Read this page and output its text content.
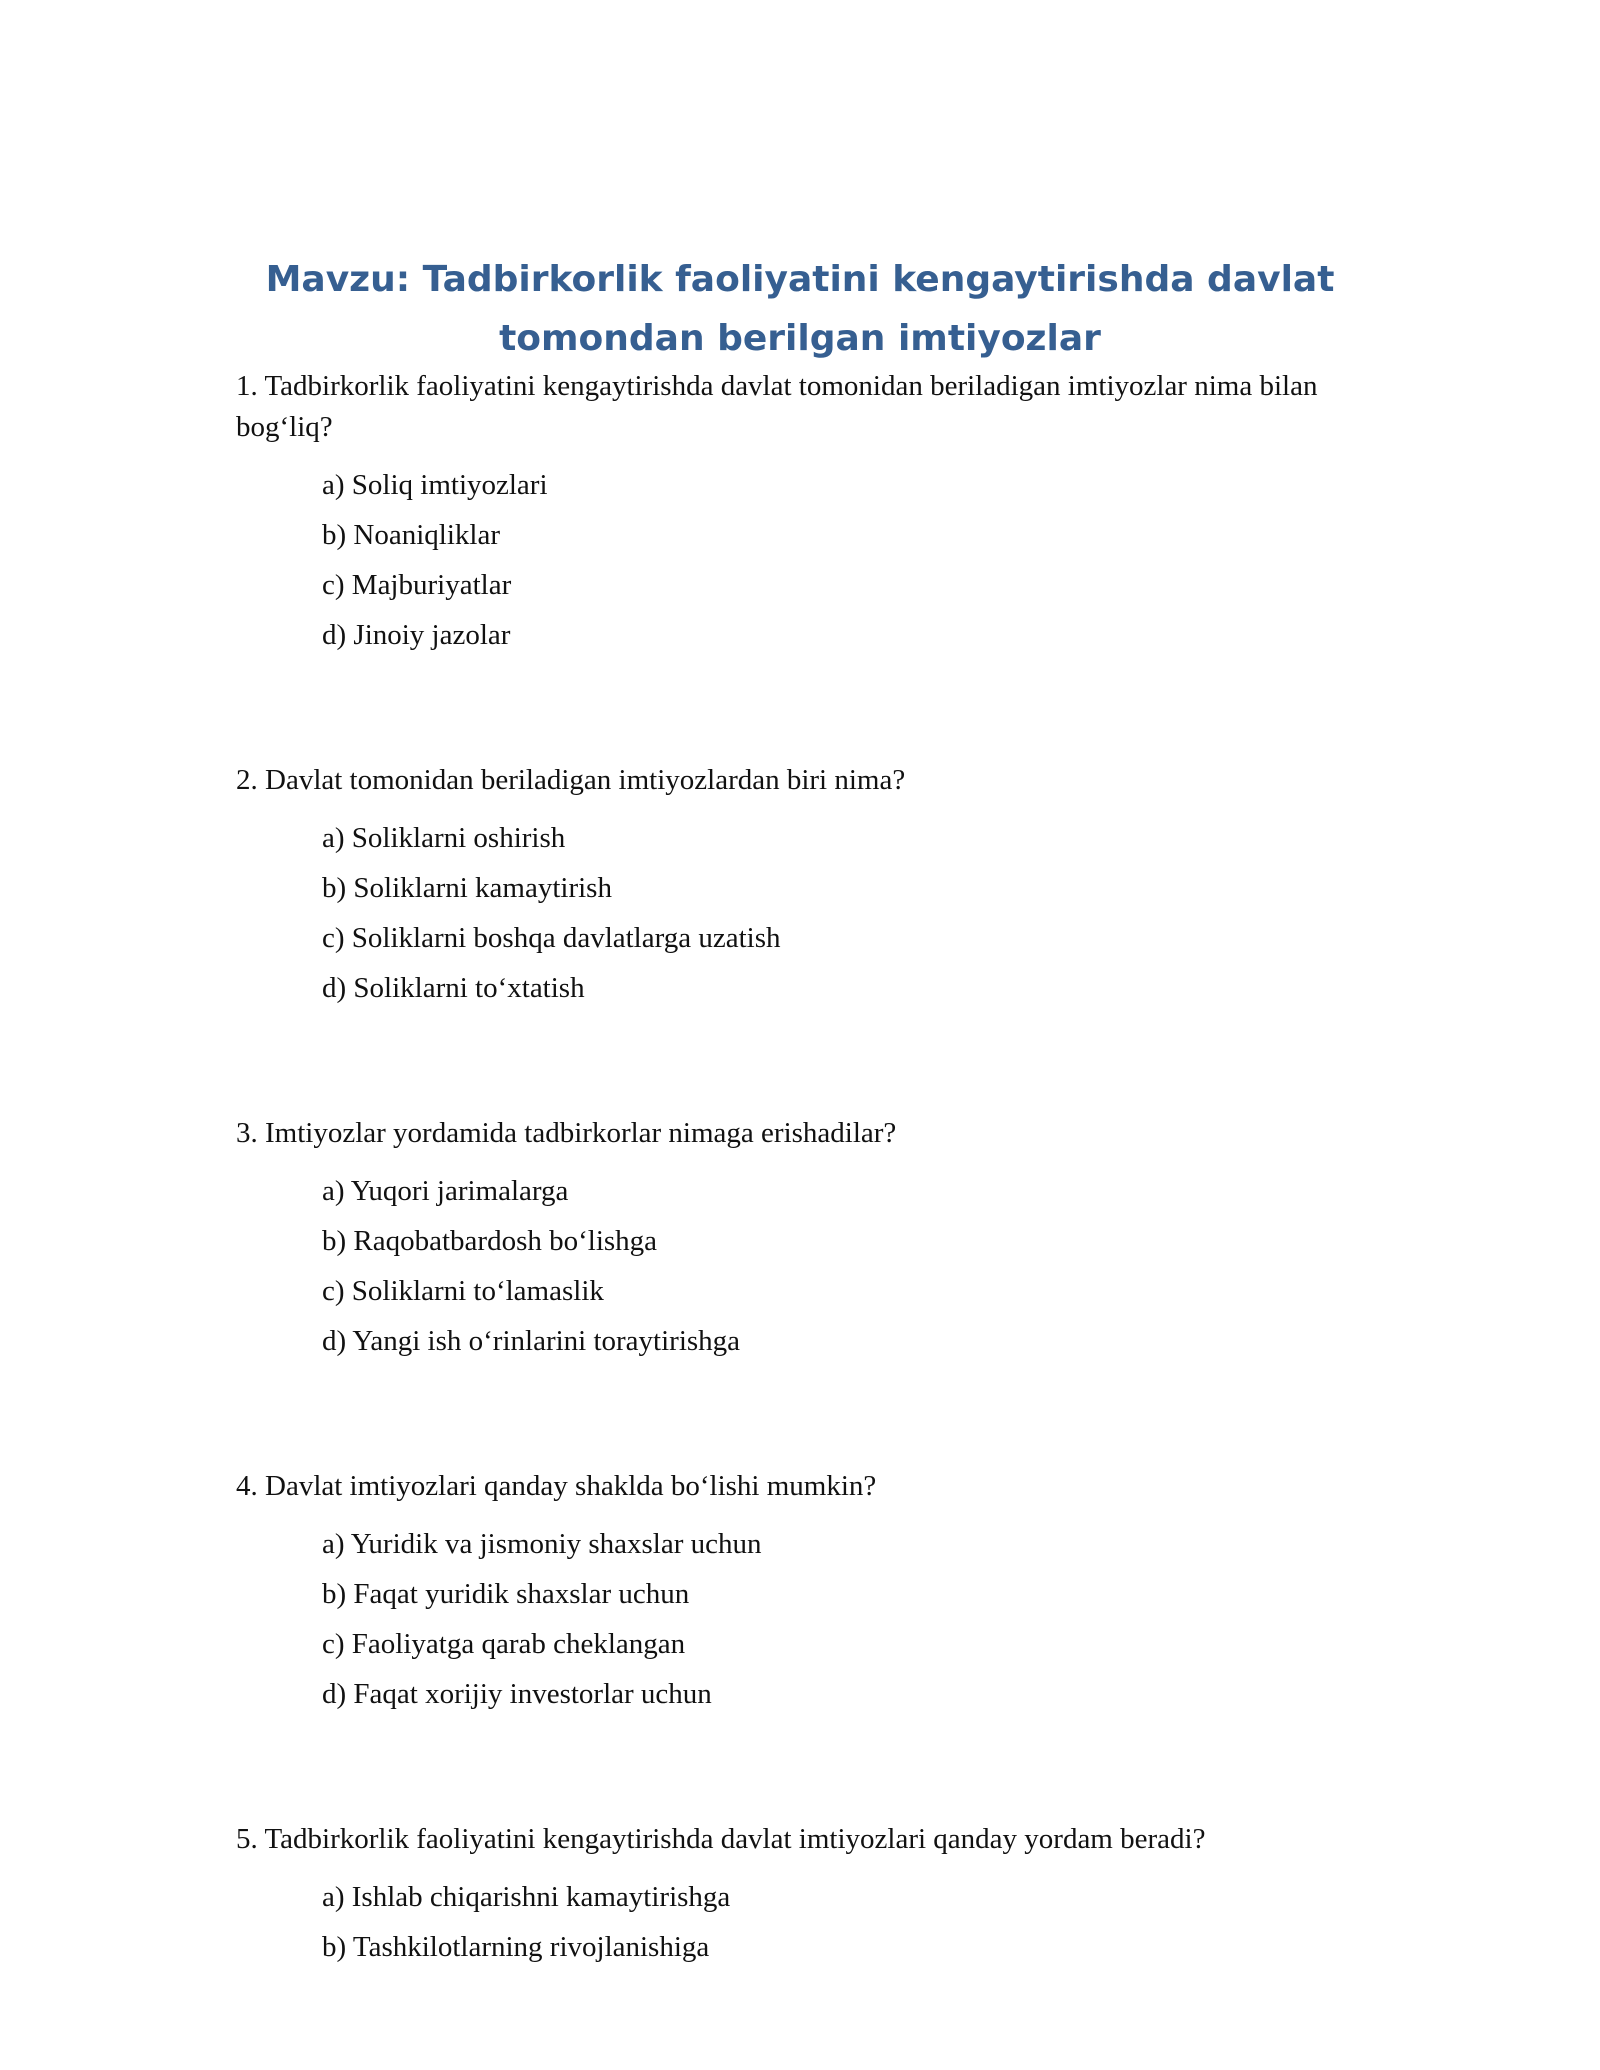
Mavzu: Tadbirkorlik faoliyatini kengaytirishda davlat tomondan berilgan imtiyozlar

1. Tadbirkorlik faoliyatini kengaytirishda davlat tomonidan beriladigan imtiyozlar nima bilan bog‘liq?

a) Soliq imtiyozlari
b) Noaniqliklar
c) Majburiyatlar
d) Jinoiy jazolar

2. Davlat tomonidan beriladigan imtiyozlardan biri nima?

a) Soliklarni oshirish
b) Soliklarni kamaytirish
c) Soliklarni boshqa davlatlarga uzatish
d) Soliklarni to‘xtatish

3. Imtiyozlar yordamida tadbirkorlar nimaga erishadilar?

a) Yuqori jarimalarga
b) Raqobatbardosh bo‘lishga
c) Soliklarni to‘lamaslik
d) Yangi ish o‘rinlarini toraytirishga

4. Davlat imtiyozlari qanday shaklda bo‘lishi mumkin?

a) Yuridik va jismoniy shaxslar uchun
b) Faqat yuridik shaxslar uchun
c) Faoliyatga qarab cheklangan
d) Faqat xorijiy investorlar uchun

5. Tadbirkorlik faoliyatini kengaytirishda davlat imtiyozlari qanday yordam beradi?

a) Ishlab chiqarishni kamaytirishga
b) Tashkilotlarning rivojlanishiga
